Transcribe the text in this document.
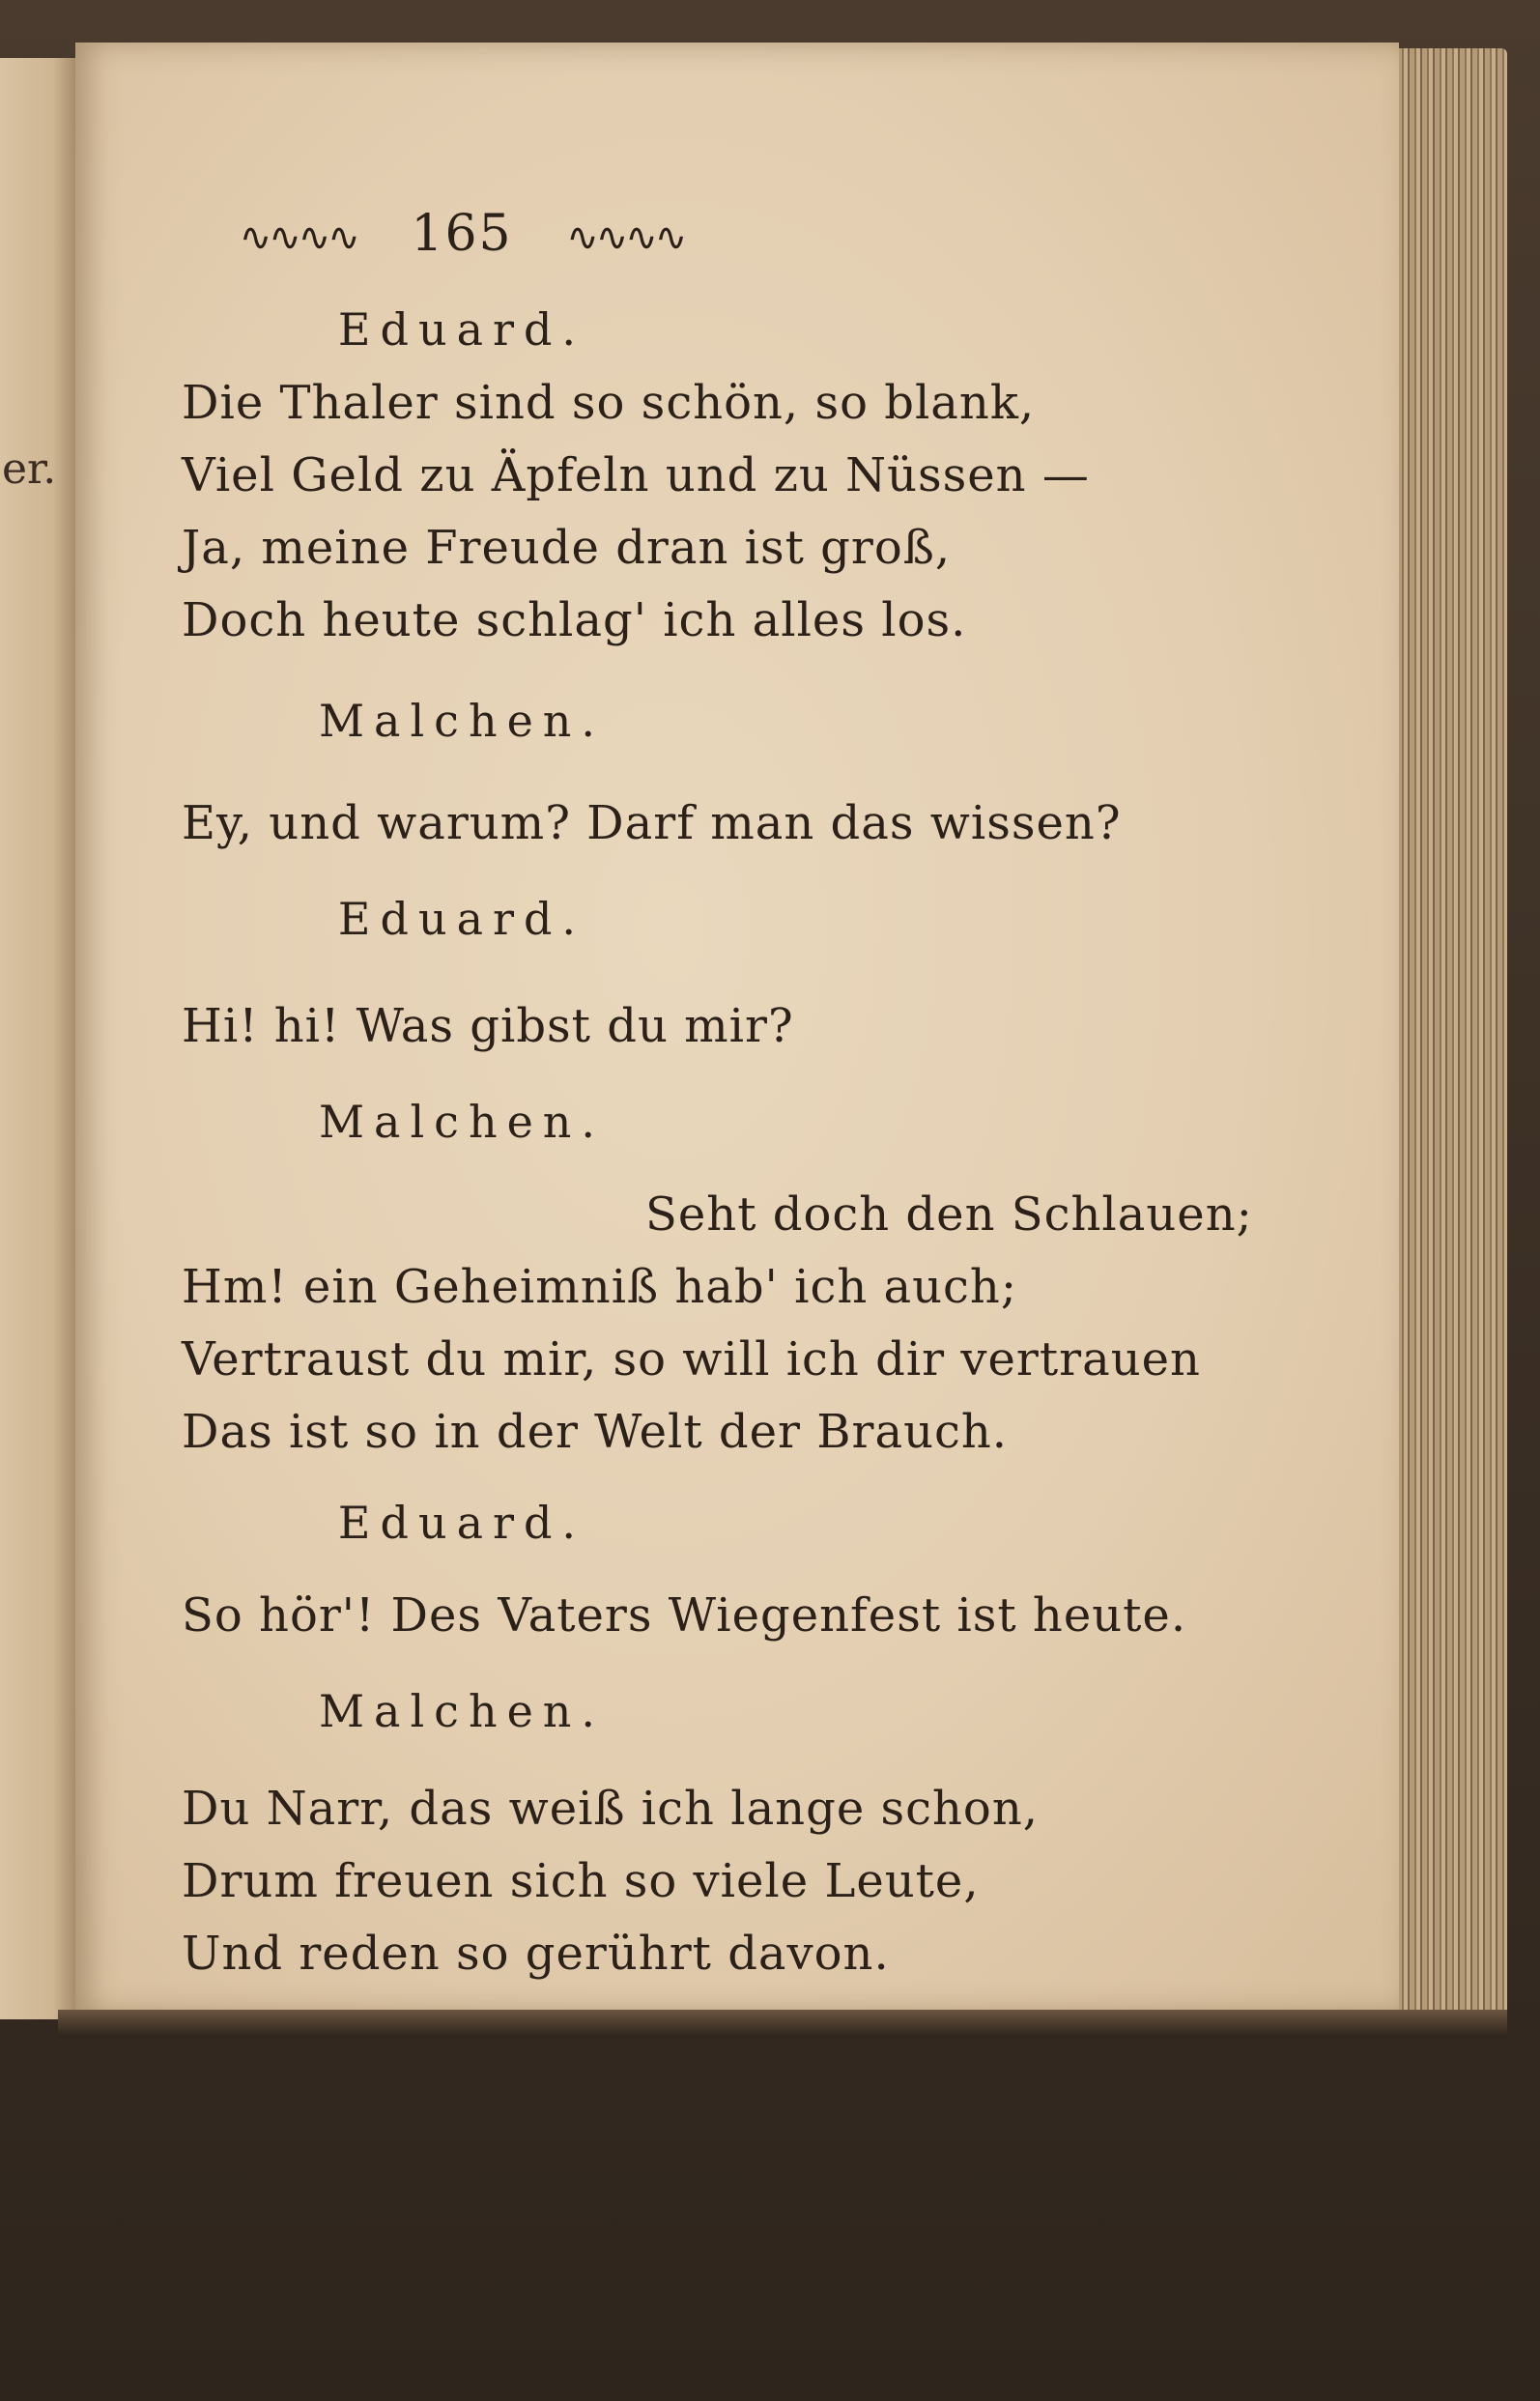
er.
∿∿∿∿ 165 ∿∿∿∿
Eduard.
Die Thaler sind so schön, so blank,
Viel Geld zu Äpfeln und zu Nüssen —
Ja, meine Freude dran ist groß,
Doch heute schlag' ich alles los.
Malchen.
Ey, und warum? Darf man das wissen?
Eduard.
Hi! hi! Was gibst du mir?
Malchen.
Seht doch den Schlauen;
Hm! ein Geheimniß hab' ich auch;
Vertraust du mir, so will ich dir vertrauen
Das ist so in der Welt der Brauch.
Eduard.
So hör'! Des Vaters Wiegenfest ist heute.
Malchen.
Du Narr, das weiß ich lange schon,
Drum freuen sich so viele Leute,
Und reden so gerührt davon.
